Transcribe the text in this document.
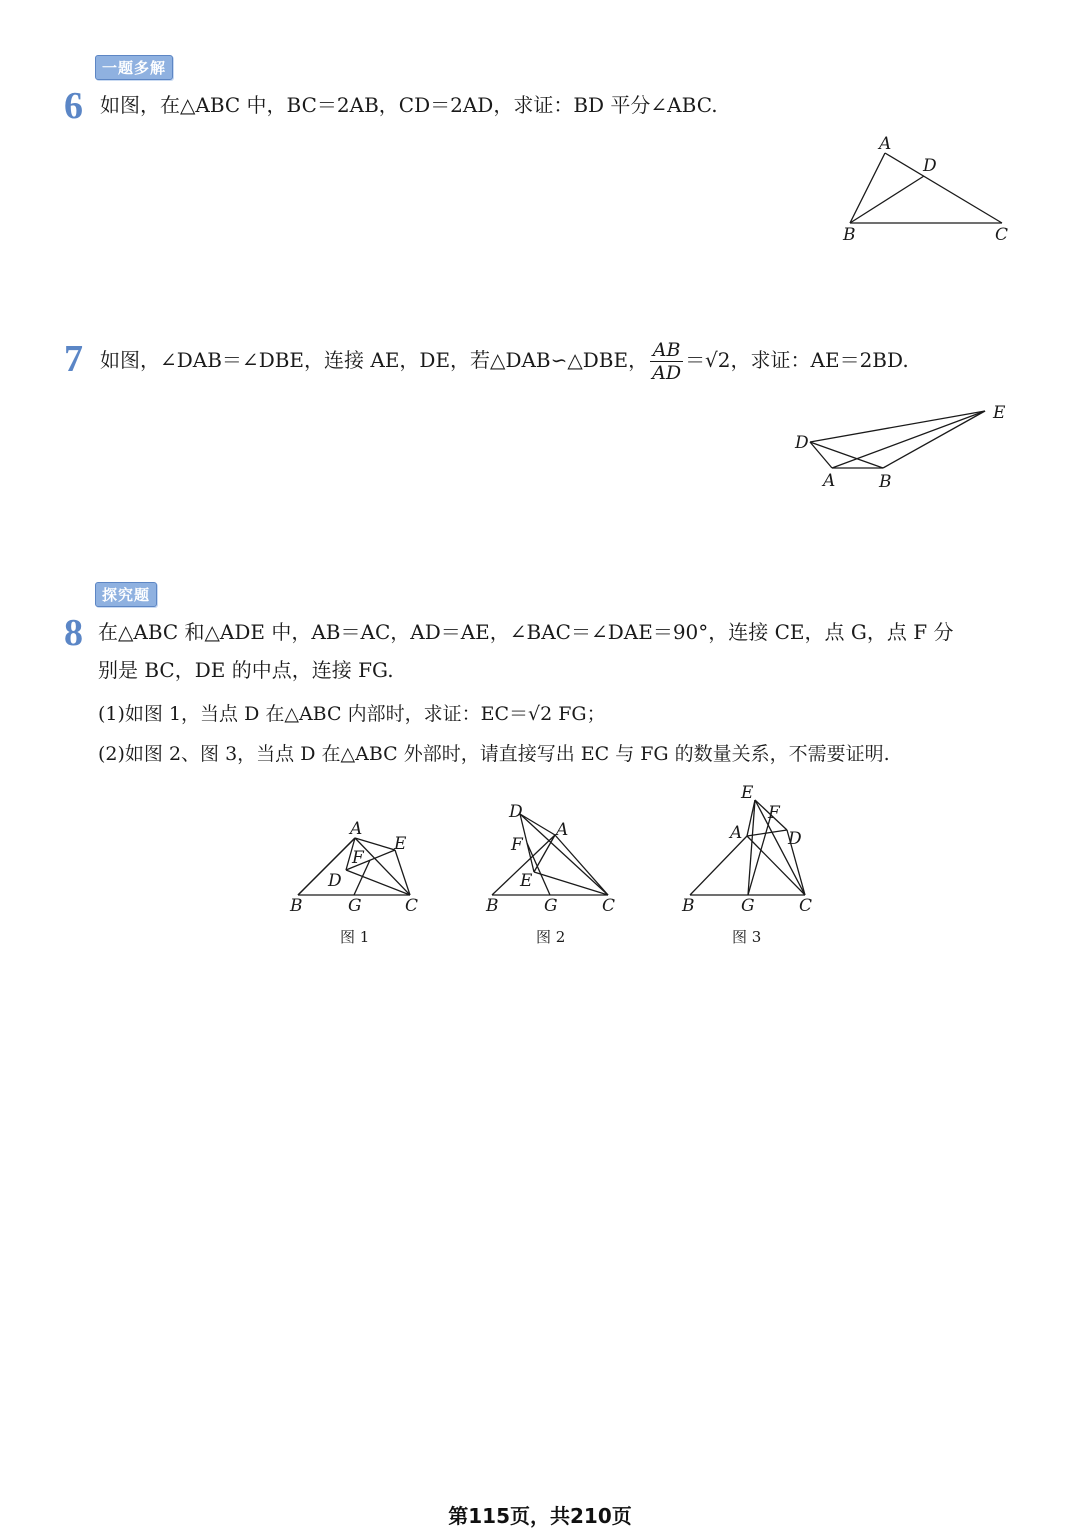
一题多解
6 如图，在△ABC 中，BC＝2AB，CD＝2AD，求证：BD 平分∠ABC.
A
B	C
D
7 如图，∠DAB＝∠DBE，连接 AE，DE，若△DAB∽△DBE， $\frac{AB}{AD} =√2$，求证：AE＝2BD.
D
A	B
E
探究题
8 在△ABC 和△ADE 中，AB＝AC，AD＝AE，∠BAC＝∠DAE＝90°，连接 CE，点 G，点 F 分
别是 BC，DE 的中点，连接 FG.
(1)如图 1，当点 D 在△ABC 内部时，求证：EC＝√2 FG；
(2)如图 2、图 3，当点 D 在△ABC 外部时，请直接写出 EC 与 FG 的数量关系，不需要证明.
A
B	C
D
E
F
G
图 1
D
A
F
E
B	G	C
图 2
E
F
A	D
B	G	C
图 3
第115页，共210页
